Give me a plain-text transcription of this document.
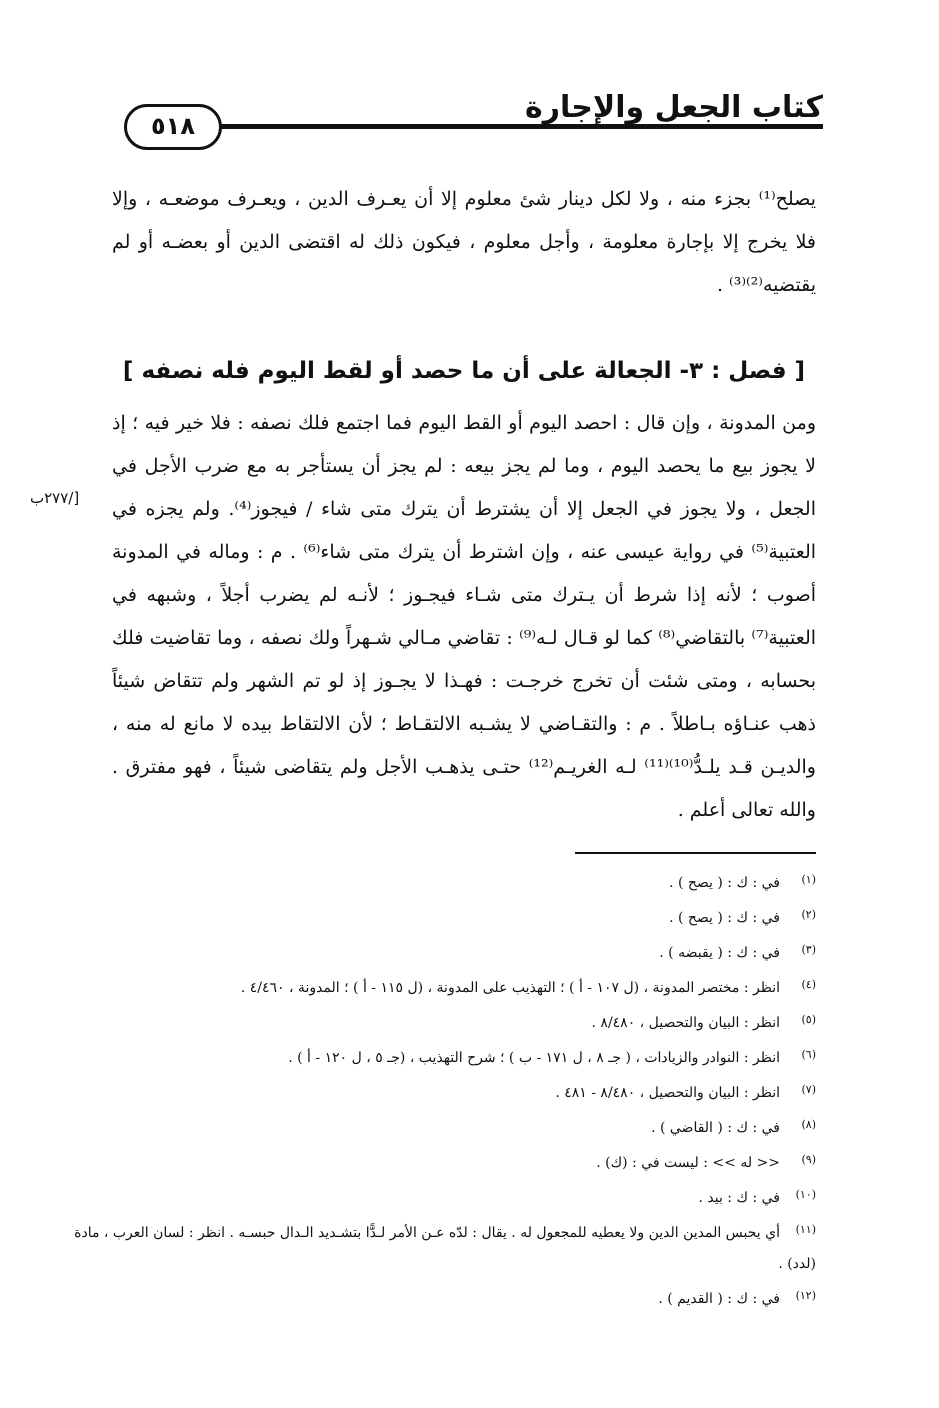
كتاب الجعل والإجارة
٥١٨

يصلح⁽¹⁾ بجزء منه ، ولا لكل دينار شئ معلوم إلا أن يعـرف الدين ، ويعـرف موضعـه ، وإلا فلا يخرج إلا بإجارة معلومة ، وأجل معلوم ، فيكون ذلك له اقتضى الدين أو بعضـه أو لم يقتضيه⁽²⁾⁽³⁾ .

[ فصل : ٣- الجعالة على أن ما حصد أو لقط اليوم فله نصفه ]

ومن المدونة ، وإن قال : احصد اليوم أو القط اليوم فما اجتمع فلك نصفه : فلا خير فيه ؛ إذ لا يجوز بيع ما يحصد اليوم ، وما لم يجز بيعه : لم يجز أن يستأجر به مع ضرب الأجل في الجعل ، ولا يجوز في الجعل إلا أن يشترط أن يترك متى شاء / فيجوز⁽⁴⁾. ولم يجزه في العتبية⁽⁵⁾ في رواية عيسى عنه ، وإن اشترط أن يترك متى شاء⁽⁶⁾ . م : وماله في المدونة أصوب ؛ لأنه إذا شرط أن يـترك متى شـاء فيجـوز ؛ لأنـه لم يضرب أجلاً ، وشبهه في العتبية⁽⁷⁾ بالتقاضي⁽⁸⁾ كما لو قـال لـه⁽⁹⁾ : تقاضي مـالي شـهراً ولك نصفه ، وما تقاضيت فلك بحسابه ، ومتى شئت أن تخرج خرجـت : فهـذا لا يجـوز إذ لو تم الشهر ولم تتقاض شيئاً ذهب عنـاؤه بـاطلاً . م : والتقـاضي لا يشـبه الالتقـاط ؛ لأن الالتقاط بيده لا مانع له منه ، والديـن قـد يلـدُّ⁽¹⁰⁾⁽¹¹⁾ لـه الغريـم⁽¹²⁾ حتـى يذهـب الأجل ولم يتقاضى شيئاً ، فهو مفترق . والله تعالى أعلم .

[/٢٧٧ب
(١)في : ك : ( يصح ) .
(٢)في : ك : ( يصح ) .
(٣)في : ك : ( يقبضه ) .
(٤)انظر : مختصر المدونة ، (ل ١٠٧ - أ ) ؛ التهذيب على المدونة ، (ل ١١٥ - أ ) ؛ المدونة ، ٤/٤٦٠ .
(٥)انظر : البيان والتحصيل ، ٨/٤٨٠ .
(٦)انظر : النوادر والزيادات ، ( جـ ٨ ، ل ١٧١ - ب ) ؛ شرح التهذيب ، (جـ ٥ ، ل ١٢٠ - أ ) .
(٧)انظر : البيان والتحصيل ، ٨/٤٨٠ - ٤٨١ .
(٨)في : ك : ( القاضي ) .
(٩)<< له >> : ليست في : (ك) .
(١٠)في : ك : بيد .
(١١)أي يحبس المدين الدين ولا يعطيه للمجعول له . يقال : لدّه عـن الأمر لـدًّا بتشـديد الـدال حبسـه . انظر : لسان العرب ، مادة (لدد) .
(١٢)في : ك : ( القديم ) .
